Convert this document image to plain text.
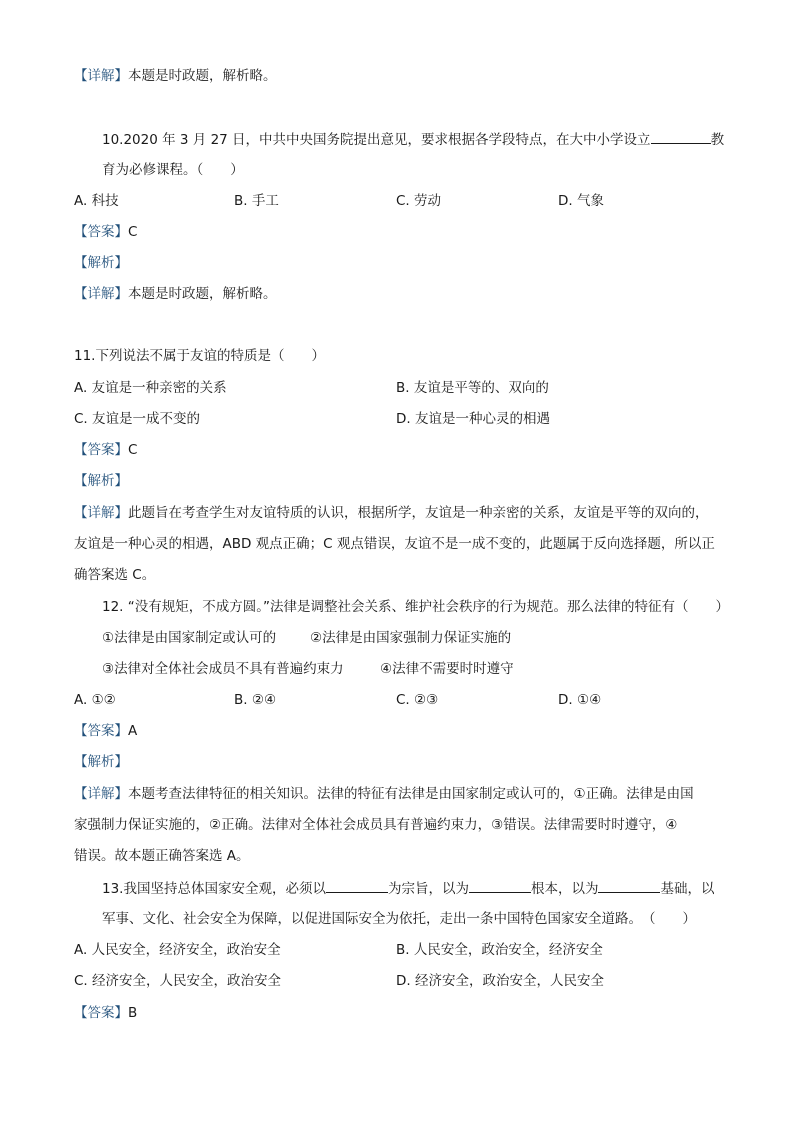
【详解】本题是时政题，解析略。
10.2020 年 3 月 27 日，中共中央国务院提出意见，要求根据各学段特点，在大中小学设立	教
育为必修课程。（　　）
A. 科技	B. 手工	C. 劳动	D. 气象
【答案】C
【解析】
【详解】本题是时政题，解析略。
11.下列说法不属于友谊的特质是（　　）
A. 友谊是一种亲密的关系	B. 友谊是平等的、双向的
C. 友谊是一成不变的	D. 友谊是一种心灵的相遇
【答案】C
【解析】
【详解】此题旨在考查学生对友谊特质的认识，根据所学，友谊是一种亲密的关系，友谊是平等的双向的，
友谊是一种心灵的相遇，ABD 观点正确；C 观点错误，友谊不是一成不变的，此题属于反向选择题，所以正
确答案选 C。
12. “没有规矩，不成方圆。”法律是调整社会关系、维护社会秩序的行为规范。那么法律的特征有（　　）
①法律是由国家制定或认可的	②法律是由国家强制力保证实施的
③法律对全体社会成员不具有普遍约束力	④法律不需要时时遵守
A. ①②	B. ②④	C. ②③	D. ①④
【答案】A
【解析】
【详解】本题考查法律特征的相关知识。法律的特征有法律是由国家制定或认可的，①正确。法律是由国
家强制力保证实施的，②正确。法律对全体社会成员具有普遍约束力，③错误。法律需要时时遵守，④
错误。故本题正确答案选 A。
13.我国坚持总体国家安全观，必须以	为宗旨，以为	根本，以为	基础，以
军事、文化、社会安全为保障，以促进国际安全为依托，走出一条中国特色国家安全道路。　（　　）
A. 人民安全，经济安全，政治安全	B. 人民安全，政治安全，经济安全
C. 经济安全，人民安全，政治安全	D. 经济安全，政治安全，人民安全
【答案】B
